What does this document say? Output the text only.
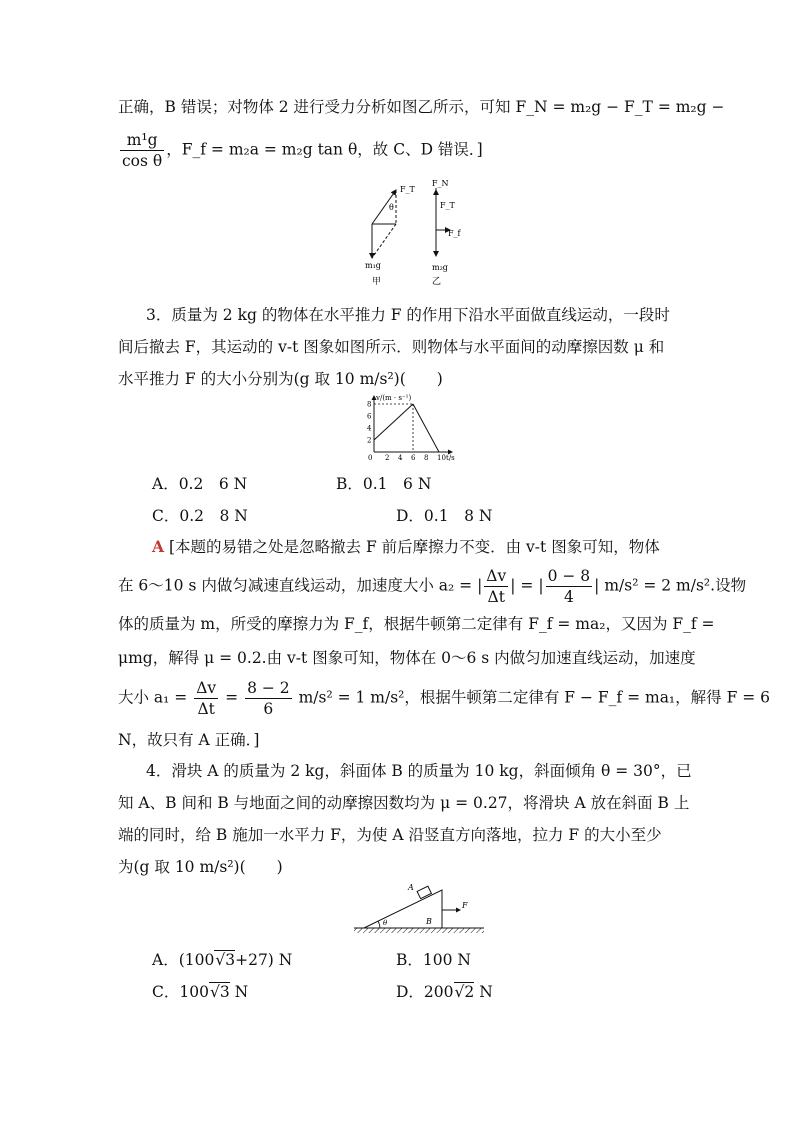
正确，B 错误；对物体 2 进行受力分析如图乙所示，可知 F_N = m₂g − F_T = m₂g −
$\frac{\text{m¹g}}{\text{cos θ}}$ ，F_f = m₂a = m₂g tan θ，故 C、D 错误．]
F_T
θ
m₁g
甲
F_N
F_T
F_f
m₂g
乙
3．质量为 2 kg 的物体在水平推力 F 的作用下沿水平面做直线运动，一段时
间后撤去 F，其运动的 v-t 图象如图所示．则物体与水平面间的动摩擦因数 μ 和
水平推力 F 的大小分别为(g 取 10 m/s²)(　　)
v/(m · s⁻¹)
t/s
0 2 4 6 8 10
2
4
6
8
A．0.2　6 N	B．0.1　6 N
C．0.2　8 N	D．0.1　8 N
A [本题的易错之处是忽略撤去 F 前后摩擦力不变．由 v-t 图象可知，物体
在 6～10 s 内做匀减速直线运动，加速度大小 a₂ = | $\frac{\Delta v}{\Delta t}$ | = | $\frac{0 - 8}{4}$ | m/s² = 2 m/s².设物
体的质量为 m，所受的摩擦力为 F_f，根据牛顿第二定律有 F_f = ma₂，又因为 F_f =
μmg，解得 μ = 0.2.由 v-t 图象可知，物体在 0～6 s 内做匀加速直线运动，加速度
大小 $a_1 = \frac{\Delta v}{\Delta t} = \frac{8 - 2}{6} m/s^2 = 1$ m/s²，根据牛顿第二定律有 F − F_f = ma₁，解得 F = 6
N，故只有 A 正确．]
4．滑块 A 的质量为 2 kg，斜面体 B 的质量为 10 kg，斜面倾角 θ = 30°，已
知 A、B 间和 B 与地面之间的动摩擦因数均为 μ = 0.27，将滑块 A 放在斜面 B 上
端的同时，给 B 施加一水平力 F，为使 A 沿竖直方向落地，拉力 F 的大小至少
为(g 取 10 m/s²)(　　)
A
B
θ
F
A．(100√3+27) N	B．100 N
C．100√3 N	D．200√2 N
